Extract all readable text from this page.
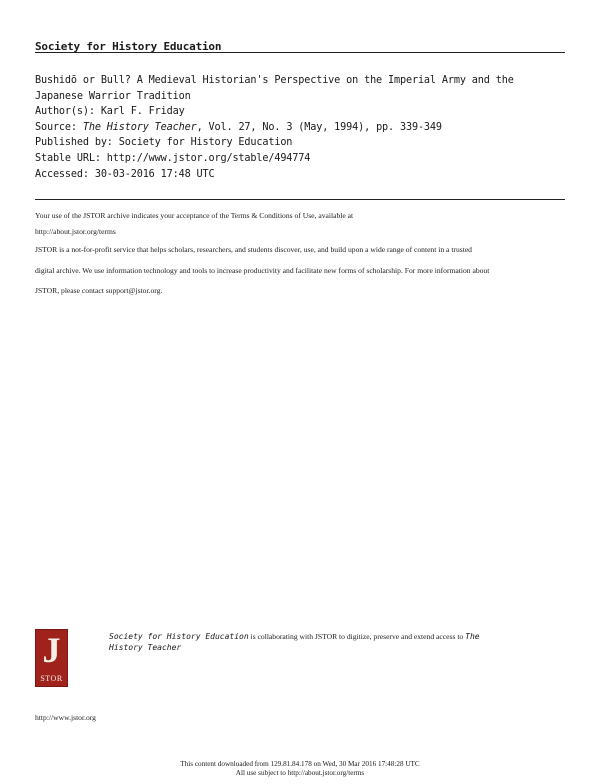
Society for History Education
Bushidō or Bull? A Medieval Historian's Perspective on the Imperial Army and the
Japanese Warrior Tradition
Author(s): Karl F. Friday
Source: The History Teacher, Vol. 27, No. 3 (May, 1994), pp. 339-349
Published by: Society for History Education
Stable URL: http://www.jstor.org/stable/494774
Accessed: 30-03-2016 17:48 UTC
Your use of the JSTOR archive indicates your acceptance of the Terms & Conditions of Use, available at
http://about.jstor.org/terms
JSTOR is a not-for-profit service that helps scholars, researchers, and students discover, use, and build upon a wide range of content in a trusted
digital archive. We use information technology and tools to increase productivity and facilitate new forms of scholarship. For more information about
JSTOR, please contact support@jstor.org.
J
STOR
Society for History Education is collaborating with JSTOR to digitize, preserve and extend access to The
History Teacher
http://www.jstor.org
This content downloaded from 129.81.84.178 on Wed, 30 Mar 2016 17:48:28 UTC
All use subject to http://about.jstor.org/terms
